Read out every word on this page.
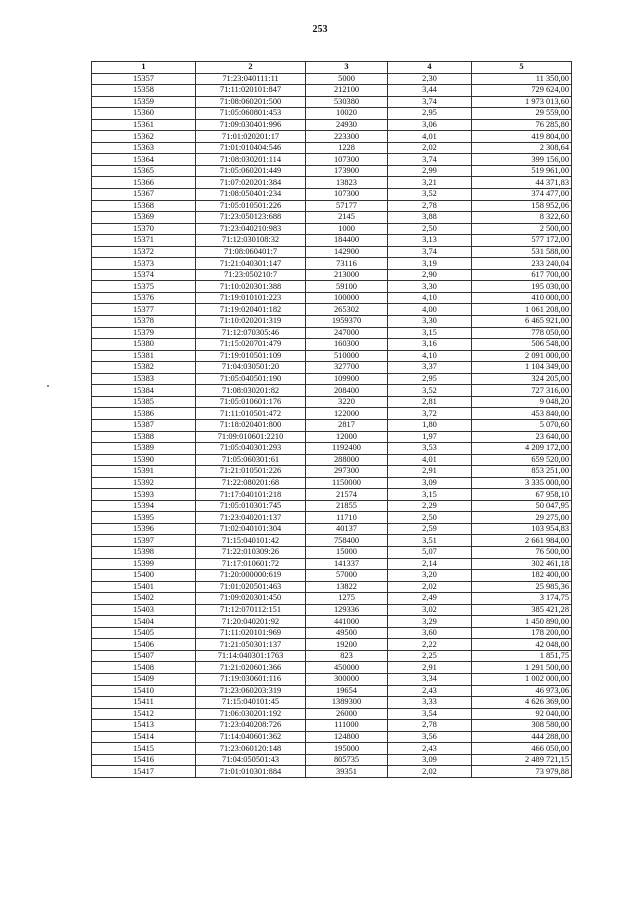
253
1	2	3	4	5
15357	71:23:040111:11	5000	2,30	11 350,00
15358	71:11:020101:847	212100	3,44	729 624,00
15359	71:08:060201:500	530380	3,74	1 973 013,60
15360	71:05:060801:453	10020	2,95	29 559,00
15361	71:09:030401:996	24930	3,06	76 285,80
15362	71:01:020201:17	223300	4,01	419 804,00
15363	71:01:010404:546	1228	2,02	2 308,64
15364	71:08:030201:114	107300	3,74	399 156,00
15365	71:05:060201:449	173900	2,99	519 961,00
15366	71:07:020201:384	13823	3,21	44 371,83
15367	71:08:050401:234	107300	3,52	374 477,00
15368	71:05:010501:226	57177	2,78	158 952,06
15369	71:23:050123:688	2145	3,88	8 322,60
15370	71:23:040210:983	1000	2,50	2 500,00
15371	71:12:030108:32	184400	3,13	577 172,00
15372	71:08:060401:7	142900	3,74	531 588,00
15373	71:21:040301:147	73116	3,19	233 240,04
15374	71:23:050210:7	213000	2,90	617 700,00
15375	71:10:020301:388	59100	3,30	195 030,00
15376	71:19:010101:223	100000	4,10	410 000,00
15377	71:19:020401:182	265302	4,00	1 061 208,00
15378	71:10:020201:319	1959370	3,30	6 465 921,00
15379	71:12:070305:46	247000	3,15	778 050,00
15380	71:15:020701:479	160300	3,16	506 548,00
15381	71:19:010501:109	510000	4,10	2 091 000,00
15382	71:04:030501:20	327700	3,37	1 104 349,00
15383	71:05:040501:190	109900	2,95	324 205,00
15384	71:08:030201:82	208400	3,52	727 316,00
15385	71:05:010601:176	3220	2,81	9 048,20
15386	71:11:010501:472	122000	3,72	453 840,00
15387	71:18:020401:800	2817	1,80	5 070,60
15388	71:09:010601:2210	12000	1,97	23 640,00
15389	71:05:040301:293	1192400	3,53	4 209 172,00
15390	71:05:060301:61	288000	4,01	659 520,00
15391	71:21:010501:226	297300	2,91	853 251,00
15392	71:22:080201:68	1150000	3,09	3 335 000,00
15393	71:17:040101:218	21574	3,15	67 958,10
15394	71:05:010301:745	21855	2,29	50 047,95
15395	71:23:040201:137	11710	2,50	29 275,00
15396	71:02:040101:304	40137	2,59	103 954,83
15397	71:15:040101:42	758400	3,51	2 661 984,00
15398	71:22:010309:26	15000	5,07	76 500,00
15399	71:17:010601:72	141337	2,14	302 461,18
15400	71:20:000000:619	57000	3,20	182 400,00
15401	71:01:020501:463	13822	2,02	25 985,36
15402	71:09:020301:450	1275	2,49	3 174,75
15403	71:12:070112:151	129336	3,02	385 421,28
15404	71:20:040201:92	441000	3,29	1 450 890,00
15405	71:11:020101:969	49500	3,60	178 200,00
15406	71:21:050301:137	19200	2,22	42 048,00
15407	71:14:040301:1763	823	2,25	1 851,75
15408	71:21:020601:366	450000	2,91	1 291 500,00
15409	71:19:030601:116	300000	3,34	1 002 000,00
15410	71:23:060203:319	19654	2,43	46 973,06
15411	71:15:040101:45	1389300	3,33	4 626 369,00
15412	71:06:030201:192	26000	3,54	92 040,00
15413	71:23:040208:726	111000	2,78	308 580,00
15414	71:14:040601:362	124800	3,56	444 288,00
15415	71:23:060120:148	195000	2,43	466 050,00
15416	71:04:050501:43	805735	3,09	2 489 721,15
15417	71:01:010301:884	39351	2,02	73 979,88
